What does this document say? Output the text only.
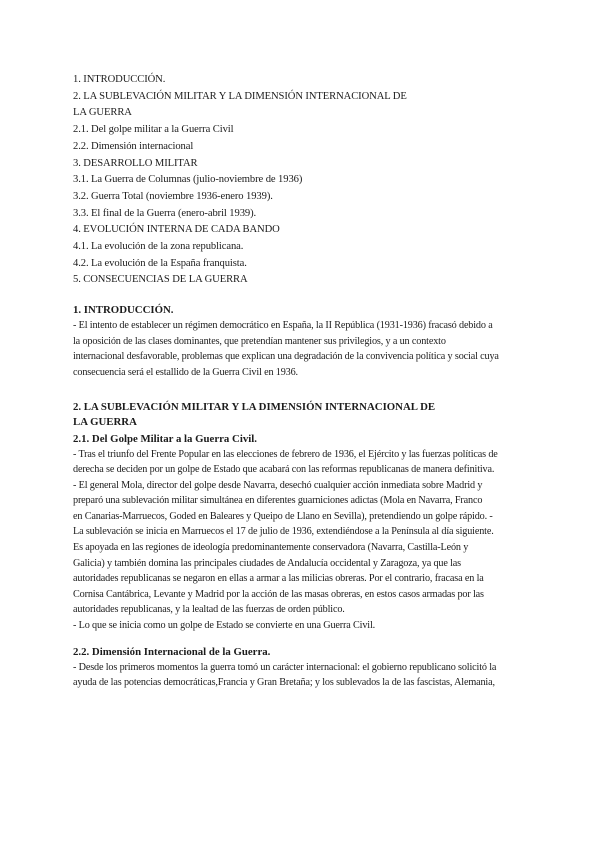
1. INTRODUCCIÓN.
2. LA SUBLEVACIÓN MILITAR Y LA DIMENSIÓN INTERNACIONAL DE
LA GUERRA
2.1. Del golpe militar a la Guerra Civil
2.2. Dimensión internacional
3. DESARROLLO MILITAR
3.1. La Guerra de Columnas (julio-noviembre de 1936)
3.2. Guerra Total (noviembre 1936-enero 1939).
3.3. El final de la Guerra (enero-abril 1939).
4. EVOLUCIÓN INTERNA DE CADA BANDO
4.1. La evolución de la zona republicana.
4.2. La evolución de la España franquista.
5. CONSECUENCIAS DE LA GUERRA
1. INTRODUCCIÓN.
- El intento de establecer un régimen democrático en España, la II República (1931-1936) fracasó debido a
la oposición de las clases dominantes, que pretendían mantener sus privilegios, y a un contexto
internacional desfavorable, problemas que explican una degradación de la convivencia política y social cuya
consecuencia será el estallido de la Guerra Civil en 1936.
2. LA SUBLEVACIÓN MILITAR Y LA DIMENSIÓN INTERNACIONAL DE
LA GUERRA
2.1. Del Golpe Militar a la Guerra Civil.
- Tras el triunfo del Frente Popular en las elecciones de febrero de 1936, el Ejército y las fuerzas políticas de
derecha se deciden por un golpe de Estado que acabará con las reformas republicanas de manera definitiva.
- El general Mola, director del golpe desde Navarra, desechó cualquier acción inmediata sobre Madrid y
preparó una sublevación militar simultánea en diferentes guarniciones adictas (Mola en Navarra, Franco
en Canarias-Marruecos, Goded en Baleares y Queipo de Llano en Sevilla), pretendiendo un golpe rápido. -
La sublevación se inicia en Marruecos el 17 de julio de 1936, extendiéndose a la Península al día siguiente.
Es apoyada en las regiones de ideología predominantemente conservadora (Navarra, Castilla-León y
Galicia) y también domina las principales ciudades de Andalucía occidental y Zaragoza, ya que las
autoridades republicanas se negaron en ellas a armar a las milicias obreras. Por el contrario, fracasa en la
Cornisa Cantábrica, Levante y Madrid por la acción de las masas obreras, en estos casos armadas por las
autoridades republicanas, y la lealtad de las fuerzas de orden público.
- Lo que se inicia como un golpe de Estado se convierte en una Guerra Civil.
2.2. Dimensión Internacional de la Guerra.
- Desde los primeros momentos la guerra tomó un carácter internacional: el gobierno republicano solicitó la
ayuda de las potencias democráticas,Francia y Gran Bretaña; y los sublevados la de las fascistas, Alemania,
